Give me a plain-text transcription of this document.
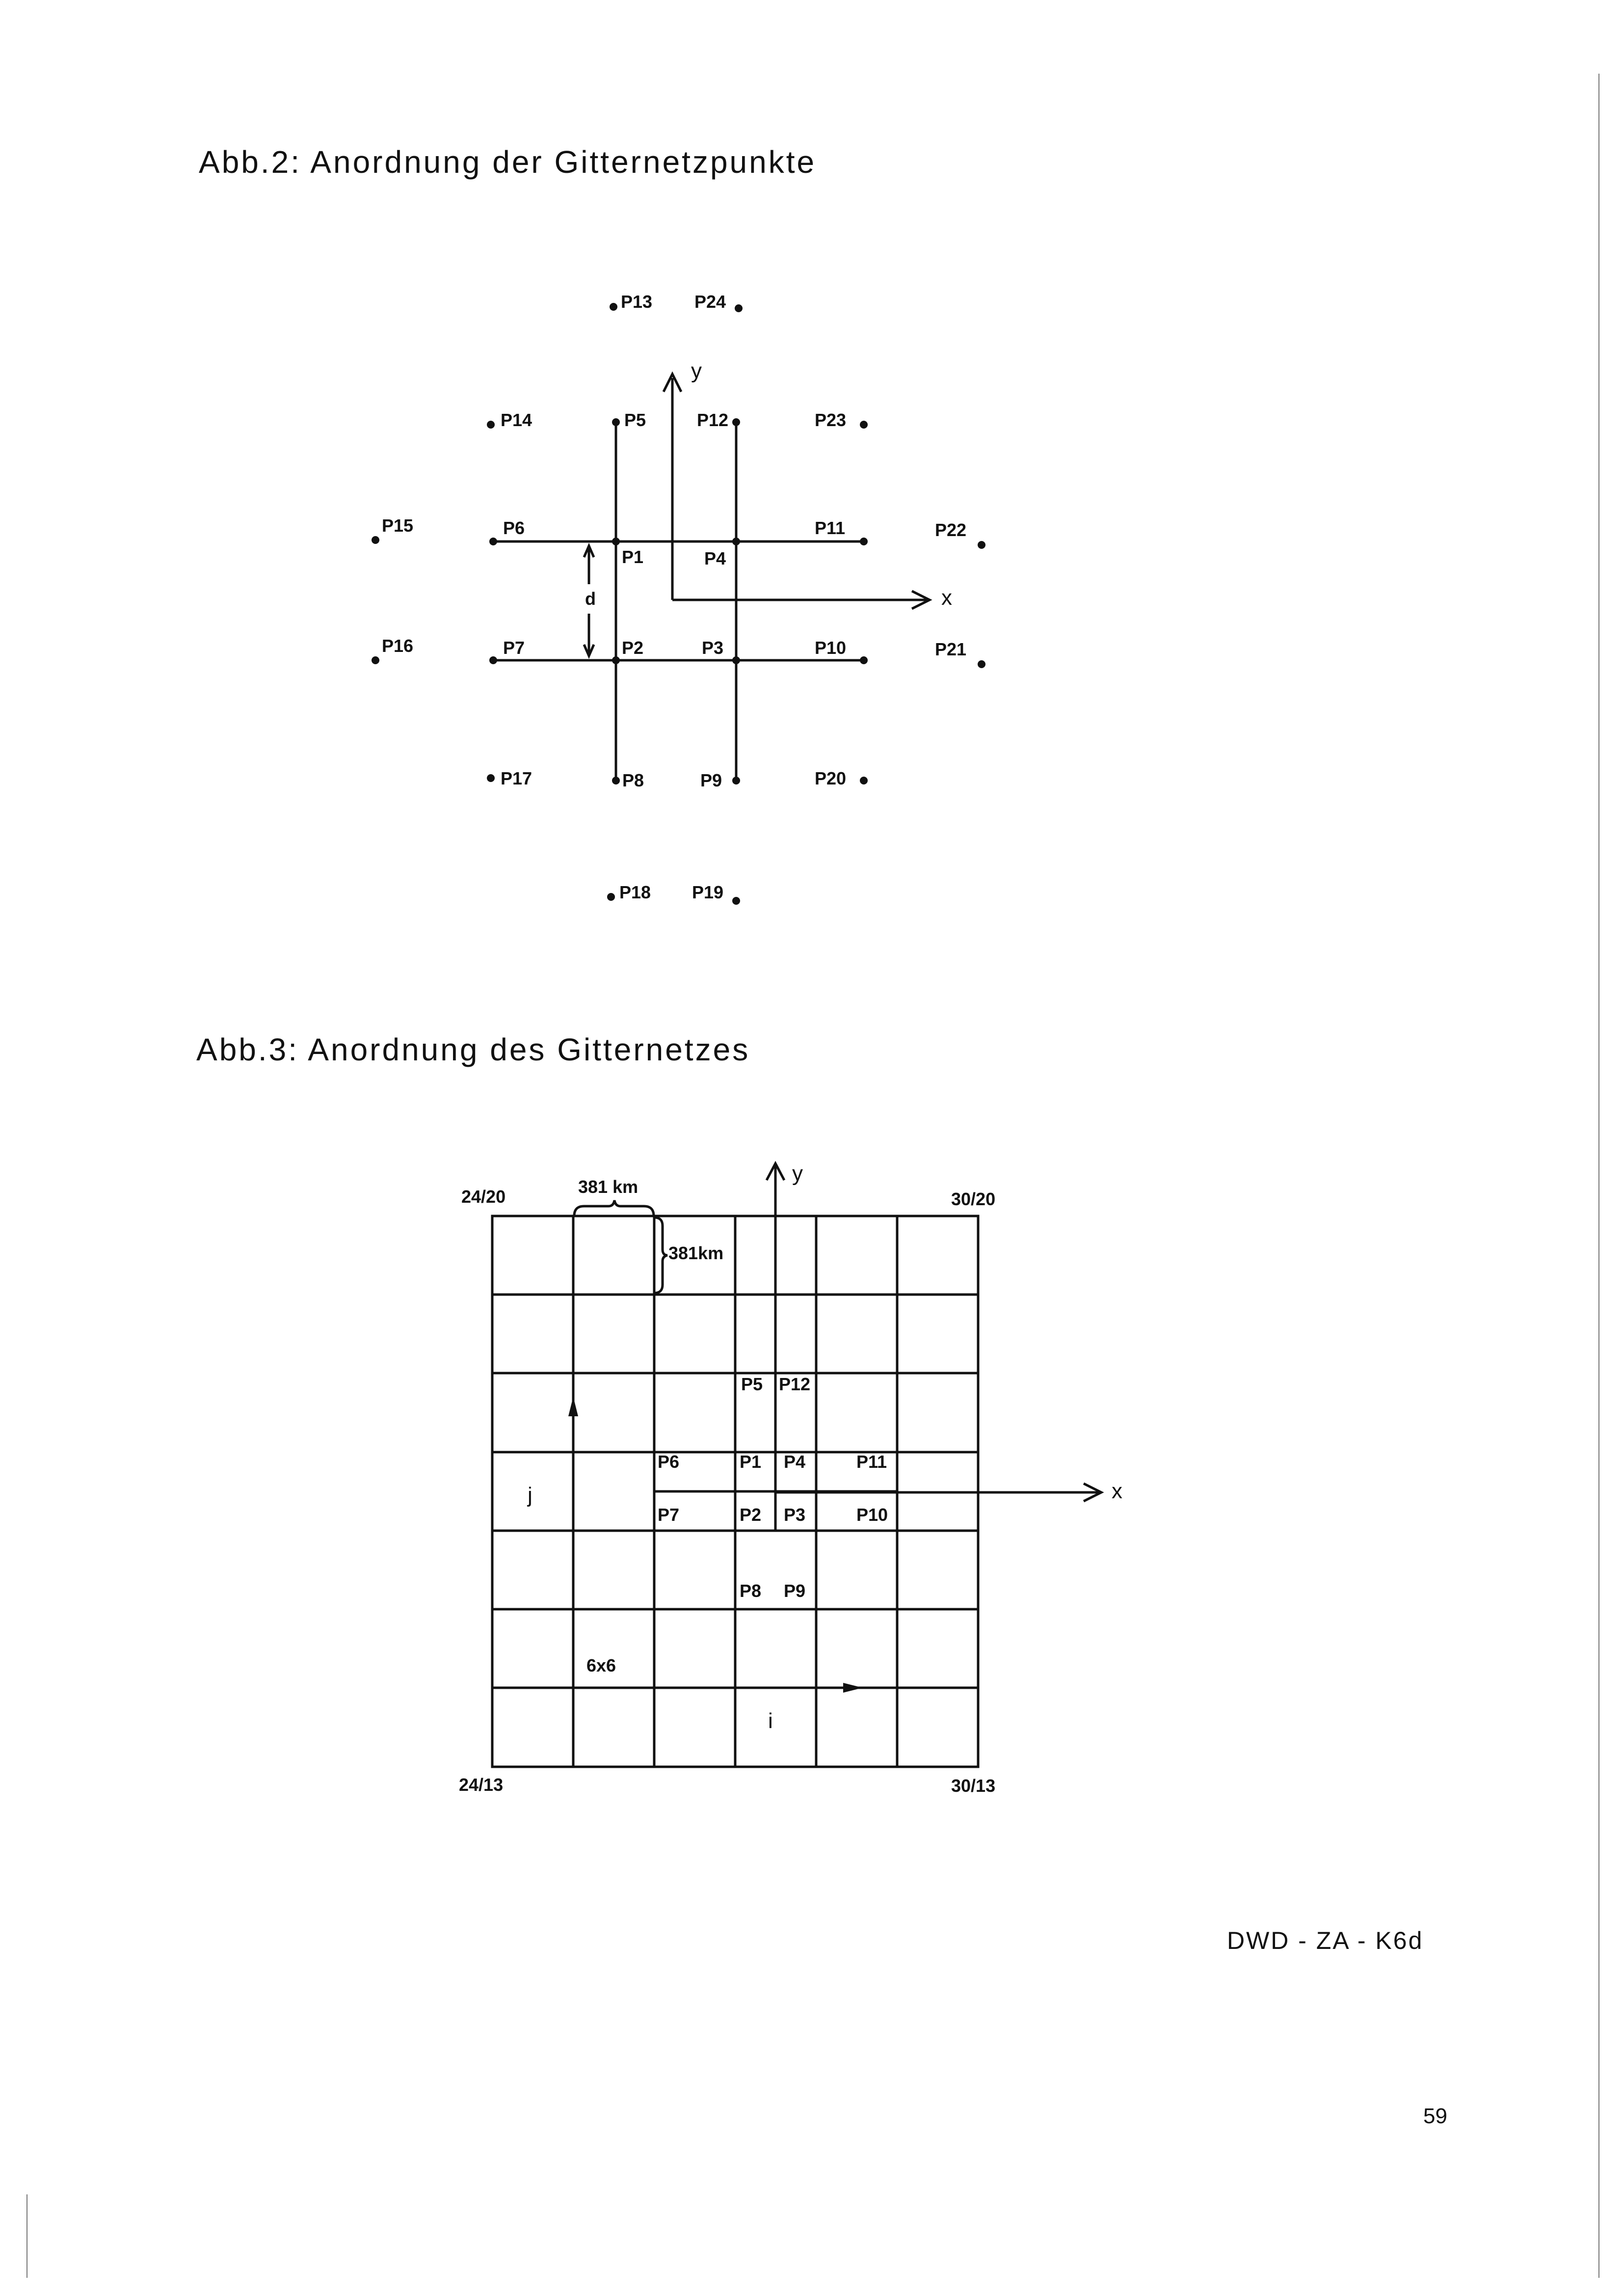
Abb.2: Anordnung der Gitternetzpunkte
y
x
d
P1
P2	P3
P4
P5
P6
P7
P8	P9
P10
P11
P12
P13
P14
P15
P16
P17
P18 P19
P20
P21
P22
P23
P24
Abb.3: Anordnung des Gitternetzes
y
x
j
i
381 km
381km
24/20	30/20
24/13	30/13
6x6
P5 P12
P6	P1 P4	P11
P7	P2 P3	P10
P8 P9
DWD - ZA - K6d
59
